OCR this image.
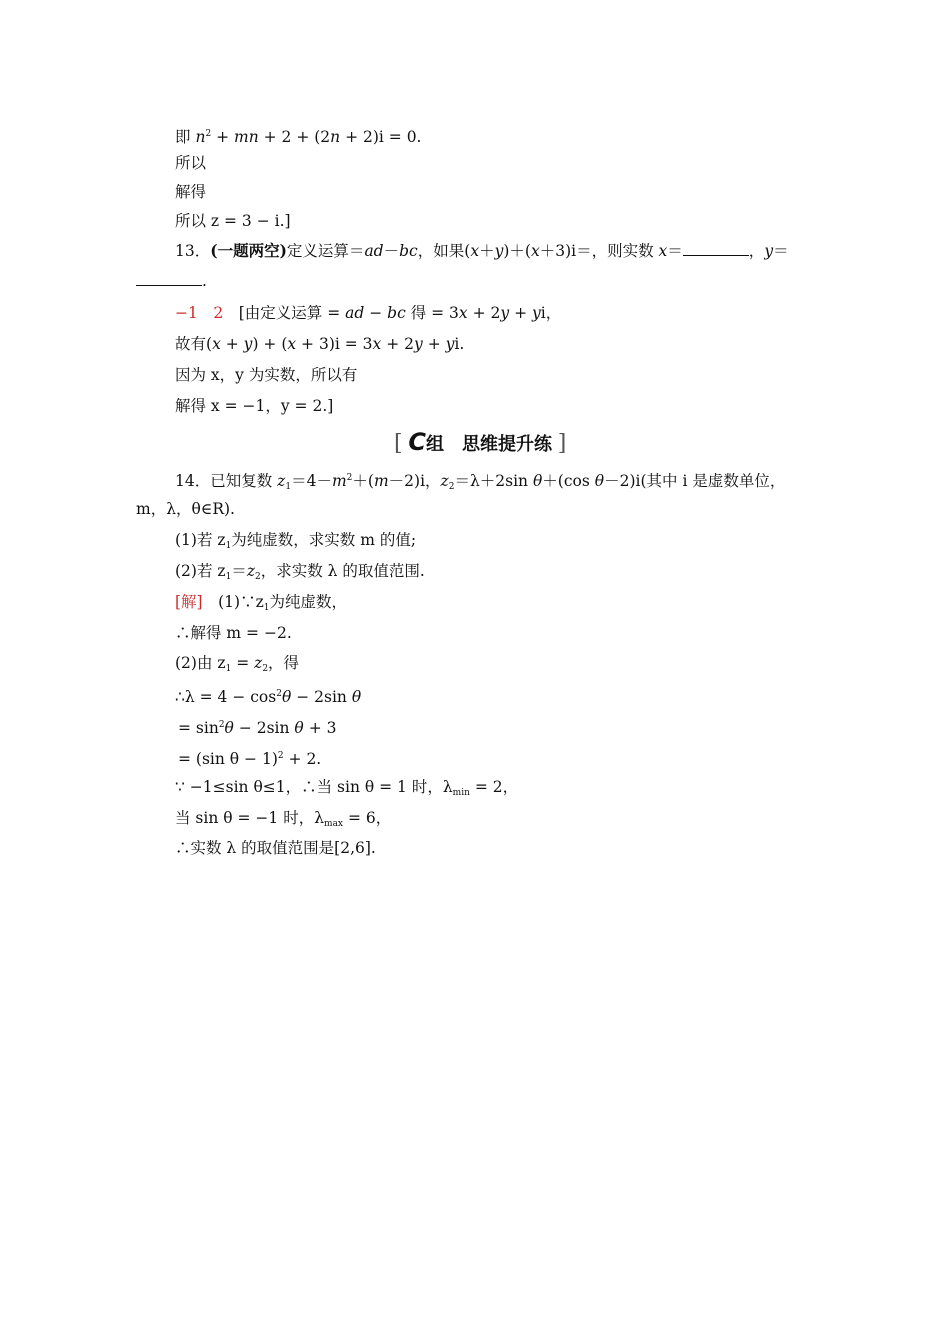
即 $n^2$ + mn + 2 + (2n + 2)i = 0.
所以
解得
所以 z = 3 − i.]
13．(一题两空)定义运算＝ad－bc，如果(x＋y)＋(x＋3)i＝，则实数 x＝	，y＝
.
−1　2　 [由定义运算 = ad − bc 得 = 3x + 2y + yi，
故有(x + y) + (x + 3)i = 3x + 2y + yi.
因为 x，y 为实数，所以有
解得 x = −1，y = 2.]
[ C组　思维提升练 ]
14．已知复数 $z_1=4-m^2+(m-2)i$，$z_2=\lambda+2\sin$ θ＋(cos θ－2)i(其中 i 是虚数单位，
m，λ，θ∈R).
(1)若 $z_1$为纯虚数，求实数 m 的值;
(2)若 $z_1=z_2$，求实数 λ 的取值范围.
[解]　 $(1)\because z_1$为纯虚数，
∴解得 m = −2.
(2)由 $z_1 = z_2$，得
∴λ = $4 - \cos^2\theta - 2\sin$ θ
= $\sin^2\theta - 2\sin$ θ + 3
= (sin θ − 1)$^2$ + 2.
∵ −1≤sin θ≤1，∴当 sin θ = 1 时，$\lambda_{min} = 2$，
当 sin θ = −1 时，$\lambda_{max} = 6$，
∴实数 λ 的取值范围是[2,6].
